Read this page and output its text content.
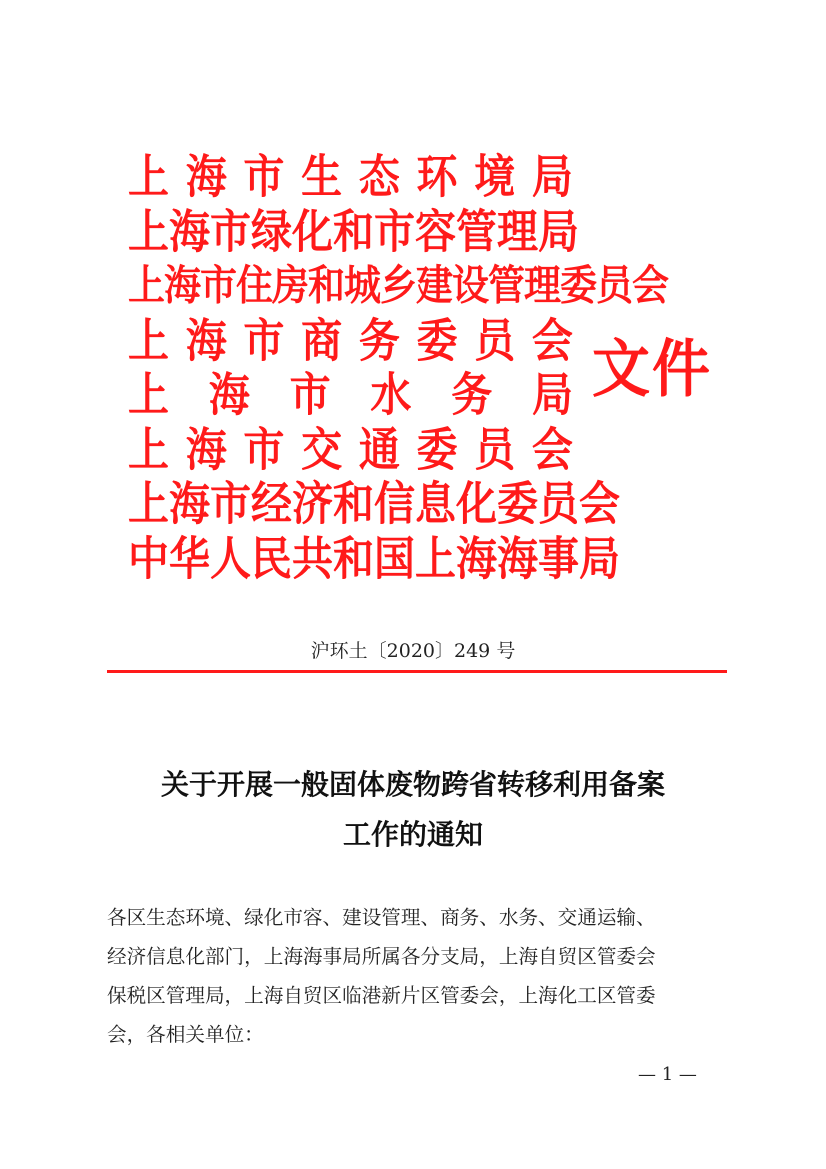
上 海 市 生 态 环 境 局
上 海 市 绿 化 和 市 容 管 理 局
上 海 市 住 房 和 城 乡 建 设 管 理 委 员 会
上 海 市 商 务 委 员 会
上 海 市 水 务 局
上 海 市 交 通 委 员 会
上 海 市 经 济 和 信 息 化 委 员 会
中 华 人 民 共 和 国 上 海 海 事 局
文件
沪环土〔2020〕249 号
关于开展一般固体废物跨省转移利用备案
工作的通知
各区生态环境、绿化市容、建设管理、商务、水务、交通运输、
经济信息化部门，上海海事局所属各分支局，上海自贸区管委会
保税区管理局，上海自贸区临港新片区管委会，上海化工区管委
会，各相关单位：
— 1 —
